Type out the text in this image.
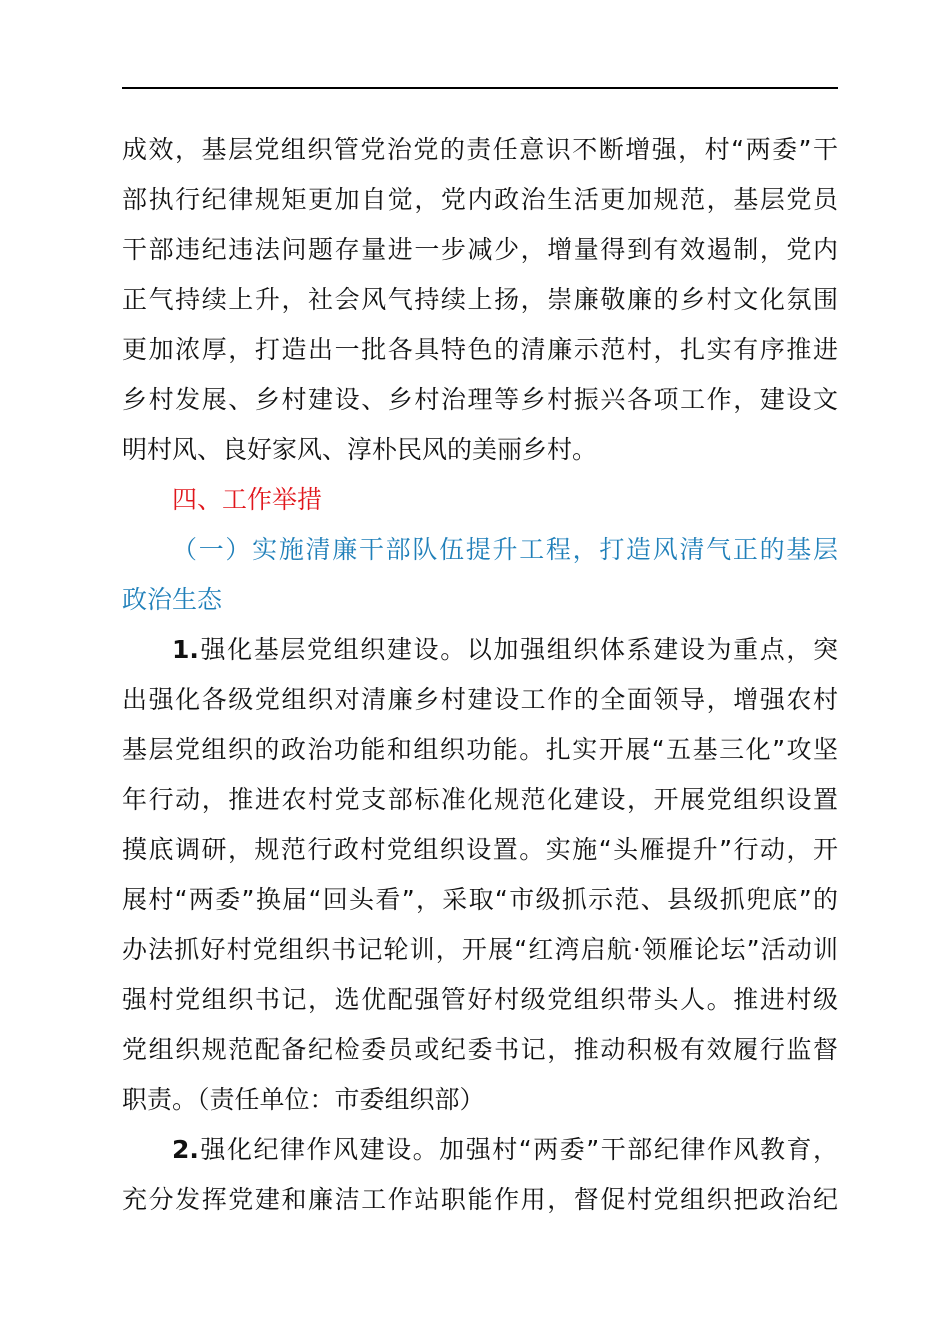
成效，基层党组织管党治党的责任意识不断增强，村“两委”干
部执行纪律规矩更加自觉，党内政治生活更加规范，基层党员
干部违纪违法问题存量进一步减少，增量得到有效遏制，党内
正气持续上升，社会风气持续上扬，崇廉敬廉的乡村文化氛围
更加浓厚，打造出一批各具特色的清廉示范村，扎实有序推进
乡村发展、乡村建设、乡村治理等乡村振兴各项工作，建设文
明村风、良好家风、淳朴民风的美丽乡村。
四、工作举措
（一）实施清廉干部队伍提升工程，打造风清气正的基层
政治生态
1.强化基层党组织建设。以加强组织体系建设为重点，突
出强化各级党组织对清廉乡村建设工作的全面领导，增强农村
基层党组织的政治功能和组织功能。扎实开展“五基三化”攻坚
年行动，推进农村党支部标准化规范化建设，开展党组织设置
摸底调研，规范行政村党组织设置。实施“头雁提升”行动，开
展村“两委”换届“回头看”，采取“市级抓示范、县级抓兜底”的
办法抓好村党组织书记轮训，开展“红湾启航·领雁论坛”活动训
强村党组织书记，选优配强管好村级党组织带头人。推进村级
党组织规范配备纪检委员或纪委书记，推动积极有效履行监督
职责。（责任单位：市委组织部）
2.强化纪律作风建设。加强村“两委”干部纪律作风教育，
充分发挥党建和廉洁工作站职能作用，督促村党组织把政治纪
